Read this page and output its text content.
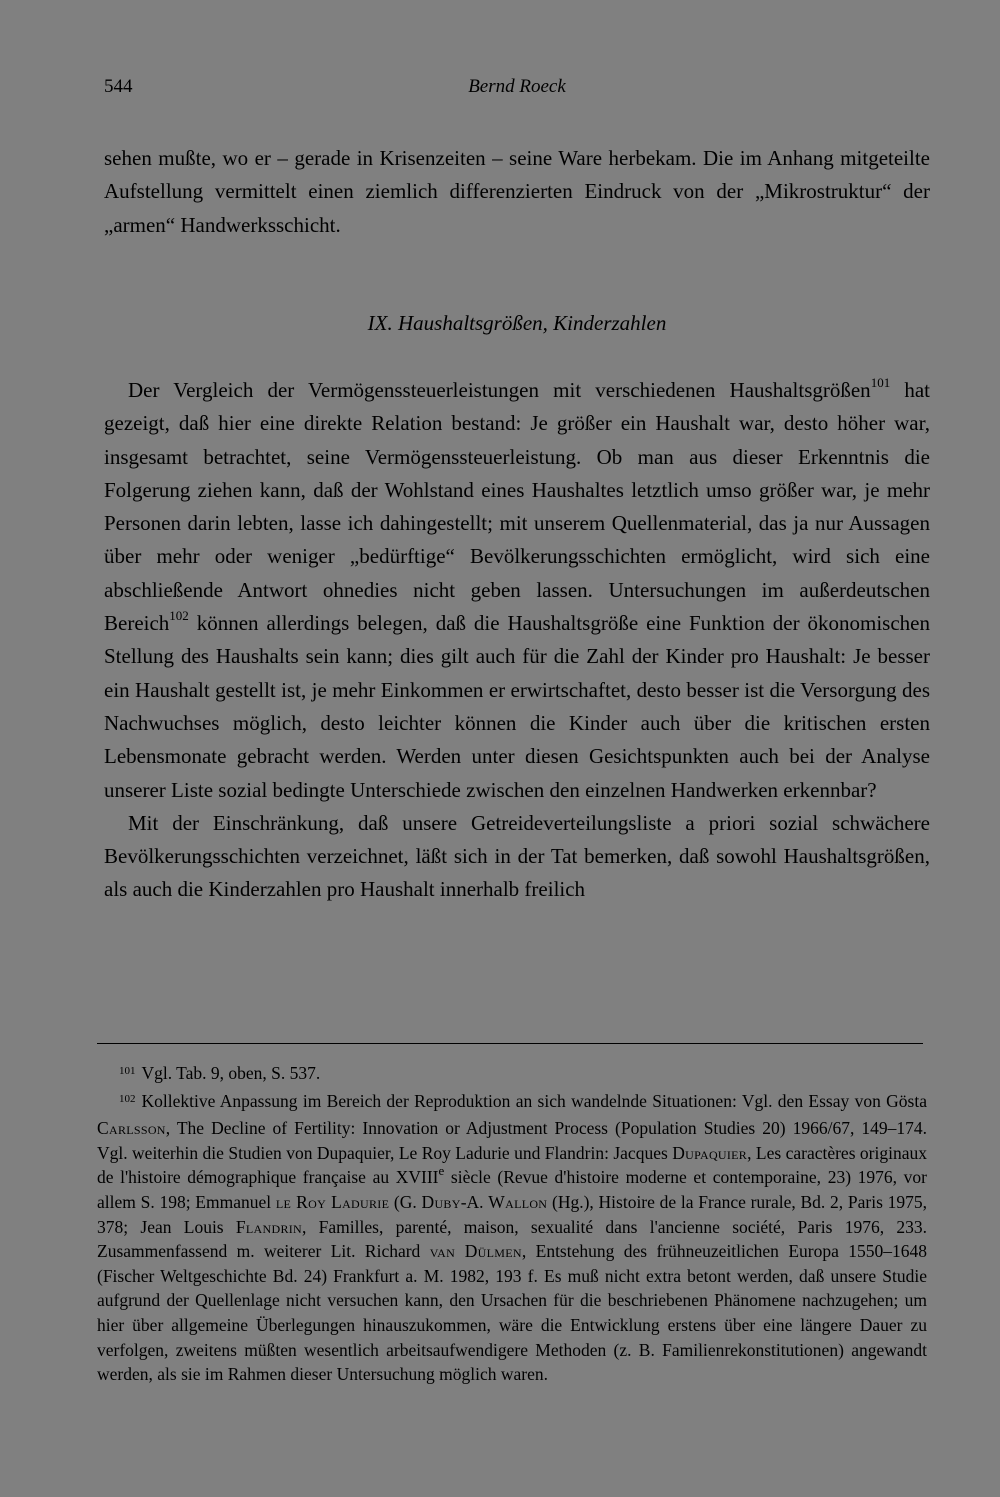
544	Bernd Roeck

sehen mußte, wo er – gerade in Krisenzeiten – seine Ware herbekam. Die im Anhang mitgeteilte Aufstellung vermittelt einen ziemlich differenzierten Eindruck von der „Mikrostruktur“ der „armen“ Handwerksschicht.

IX. Haushaltsgrößen, Kinderzahlen

Der Vergleich der Vermögenssteuerleistungen mit verschiedenen Haushaltsgrößen$^{101}$ hat gezeigt, daß hier eine direkte Relation bestand: Je größer ein Haushalt war, desto höher war, insgesamt betrachtet, seine Vermögenssteuerleistung. Ob man aus dieser Erkenntnis die Folgerung ziehen kann, daß der Wohlstand eines Haushaltes letztlich umso größer war, je mehr Personen darin lebten, lasse ich dahingestellt; mit unserem Quellenmaterial, das ja nur Aussagen über mehr oder weniger „bedürftige“ Bevölkerungsschichten ermöglicht, wird sich eine abschließende Antwort ohnedies nicht geben lassen. Untersuchungen im außerdeutschen Bereich$^{102}$ können allerdings belegen, daß die Haushaltsgröße eine Funktion der ökonomischen Stellung des Haushalts sein kann; dies gilt auch für die Zahl der Kinder pro Haushalt: Je besser ein Haushalt gestellt ist, je mehr Einkommen er erwirtschaftet, desto besser ist die Versorgung des Nachwuchses möglich, desto leichter können die Kinder auch über die kritischen ersten Lebensmonate gebracht werden. Werden unter diesen Gesichtspunkten auch bei der Analyse unserer Liste sozial bedingte Unterschiede zwischen den einzelnen Handwerken erkennbar?

Mit der Einschränkung, daß unsere Getreideverteilungsliste a priori sozial schwächere Bevölkerungsschichten verzeichnet, läßt sich in der Tat bemerken, daß sowohl Haushaltsgrößen, als auch die Kinderzahlen pro Haushalt innerhalb freilich

$^{101}$ Vgl. Tab. 9, oben, S. 537.

$^{102}$ Kollektive Anpassung im Bereich der Reproduktion an sich wandelnde Situationen: Vgl. den Essay von Gösta Carlsson, The Decline of Fertility: Innovation or Adjustment Process (Population Studies 20) 1966/67, 149–174. Vgl. weiterhin die Studien von Dupaquier, Le Roy Ladurie und Flandrin: Jacques Dupaquier, Les caractères originaux de l'histoire démographique française au XVIIIe siècle (Revue d'histoire moderne et contemporaine, 23) 1976, vor allem S. 198; Emmanuel le Roy Ladurie (G. Duby-A. Wallon (Hg.), Histoire de la France rurale, Bd. 2, Paris 1975, 378; Jean Louis Flandrin, Familles, parenté, maison, sexualité dans l'ancienne société, Paris 1976, 233. Zusammenfassend m. weiterer Lit. Richard van Dülmen, Entstehung des frühneuzeitlichen Europa 1550–1648 (Fischer Weltgeschichte Bd. 24) Frankfurt a. M. 1982, 193 f. Es muß nicht extra betont werden, daß unsere Studie aufgrund der Quellenlage nicht versuchen kann, den Ursachen für die beschriebenen Phänomene nachzugehen; um hier über allgemeine Überlegungen hinauszukommen, wäre die Entwicklung erstens über eine längere Dauer zu verfolgen, zweitens müßten wesentlich arbeitsaufwendigere Methoden (z. B. Familienrekonstitutionen) angewandt werden, als sie im Rahmen dieser Untersuchung möglich waren.
